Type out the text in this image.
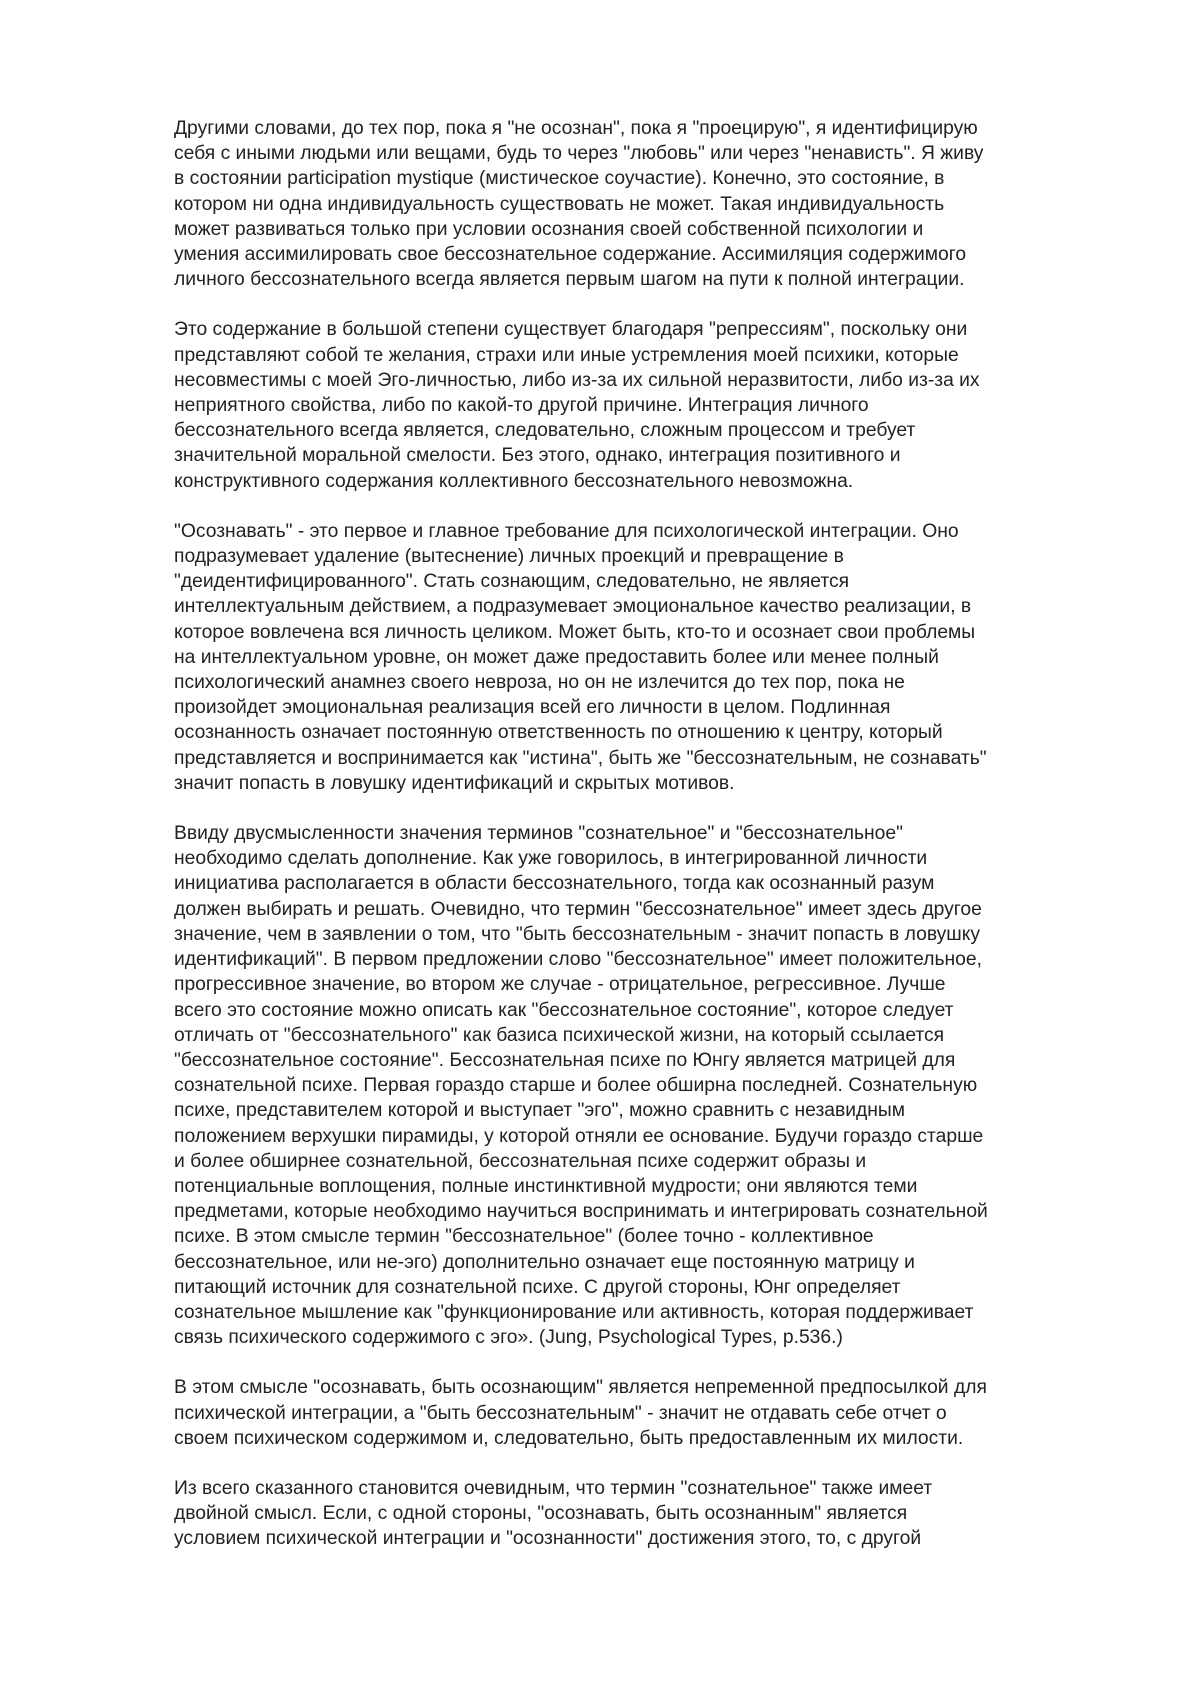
Другими словами, до тех пор, пока я "не осознан", пока я "проецирую", я идентифицирую
себя с иными людьми или вещами, будь то через "любовь" или через "ненависть". Я живу
в состоянии participation mystique (мистическое соучастие). Конечно, это состояние, в
котором ни одна индивидуальность существовать не может. Такая индивидуальность
может развиваться только при условии осознания своей собственной психологии и
умения ассимилировать свое бессознательное содержание. Ассимиляция содержимого
личного бессознательного всегда является первым шагом на пути к полной интеграции.

Это содержание в большой степени существует благодаря "репрессиям", поскольку они
представляют собой те желания, страхи или иные устремления моей психики, которые
несовместимы с моей Эго-личностью, либо из-за их сильной неразвитости, либо из-за их
неприятного свойства, либо по какой-то другой причине. Интеграция личного
бессознательного всегда является, следовательно, сложным процессом и требует
значительной моральной смелости. Без этого, однако, интеграция позитивного и
конструктивного содержания коллективного бессознательного невозможна.

"Осознавать" - это первое и главное требование для психологической интеграции. Оно
подразумевает удаление (вытеснение) личных проекций и превращение в
"деидентифицированного". Стать сознающим, следовательно, не является
интеллектуальным действием, а подразумевает эмоциональное качество реализации, в
которое вовлечена вся личность целиком. Может быть, кто-то и осознает свои проблемы
на интеллектуальном уровне, он может даже предоставить более или менее полный
психологический анамнез своего невроза, но он не излечится до тех пор, пока не
произойдет эмоциональная реализация всей его личности в целом. Подлинная
осознанность означает постоянную ответственность по отношению к центру, который
представляется и воспринимается как "истина", быть же "бессознательным, не сознавать"
значит попасть в ловушку идентификаций и скрытых мотивов.

Ввиду двусмысленности значения терминов "сознательное" и "бессознательное"
необходимо сделать дополнение. Как уже говорилось, в интегрированной личности
инициатива располагается в области бессознательного, тогда как осознанный разум
должен выбирать и решать. Очевидно, что термин "бессознательное" имеет здесь другое
значение, чем в заявлении о том, что "быть бессознательным - значит попасть в ловушку
идентификаций". В первом предложении слово "бессознательное" имеет положительное,
прогрессивное значение, во втором же случае - отрицательное, регрессивное. Лучше
всего это состояние можно описать как "бессознательное состояние", которое следует
отличать от "бессознательного" как базиса психической жизни, на который ссылается
"бессознательное состояние". Бессознательная психе по Юнгу является матрицей для
сознательной психе. Первая гораздо старше и более обширна последней. Сознательную
психе, представителем которой и выступает "эго", можно сравнить с незавидным
положением верхушки пирамиды, у которой отняли ее основание. Будучи гораздо старше
и более обширнее сознательной, бессознательная психе содержит образы и
потенциальные воплощения, полные инстинктивной мудрости; они являются теми
предметами, которые необходимо научиться воспринимать и интегрировать сознательной
психе. В этом смысле термин "бессознательное" (более точно - коллективное
бессознательное, или не-эго) дополнительно означает еще постоянную матрицу и
питающий источник для сознательной психе. С другой стороны, Юнг определяет
сознательное мышление как "функционирование или активность, которая поддерживает
связь психического содержимого с эго». (Jung, Psychological Types, p.536.)

В этом смысле "осознавать, быть осознающим" является непременной предпосылкой для
психической интеграции, а "быть бессознательным" - значит не отдавать себе отчет о
своем психическом содержимом и, следовательно, быть предоставленным их милости.

Из всего сказанного становится очевидным, что термин "сознательное" также имеет
двойной смысл. Если, с одной стороны, "осознавать, быть осознанным" является
условием психической интеграции и "осознанности" достижения этого, то, с другой
